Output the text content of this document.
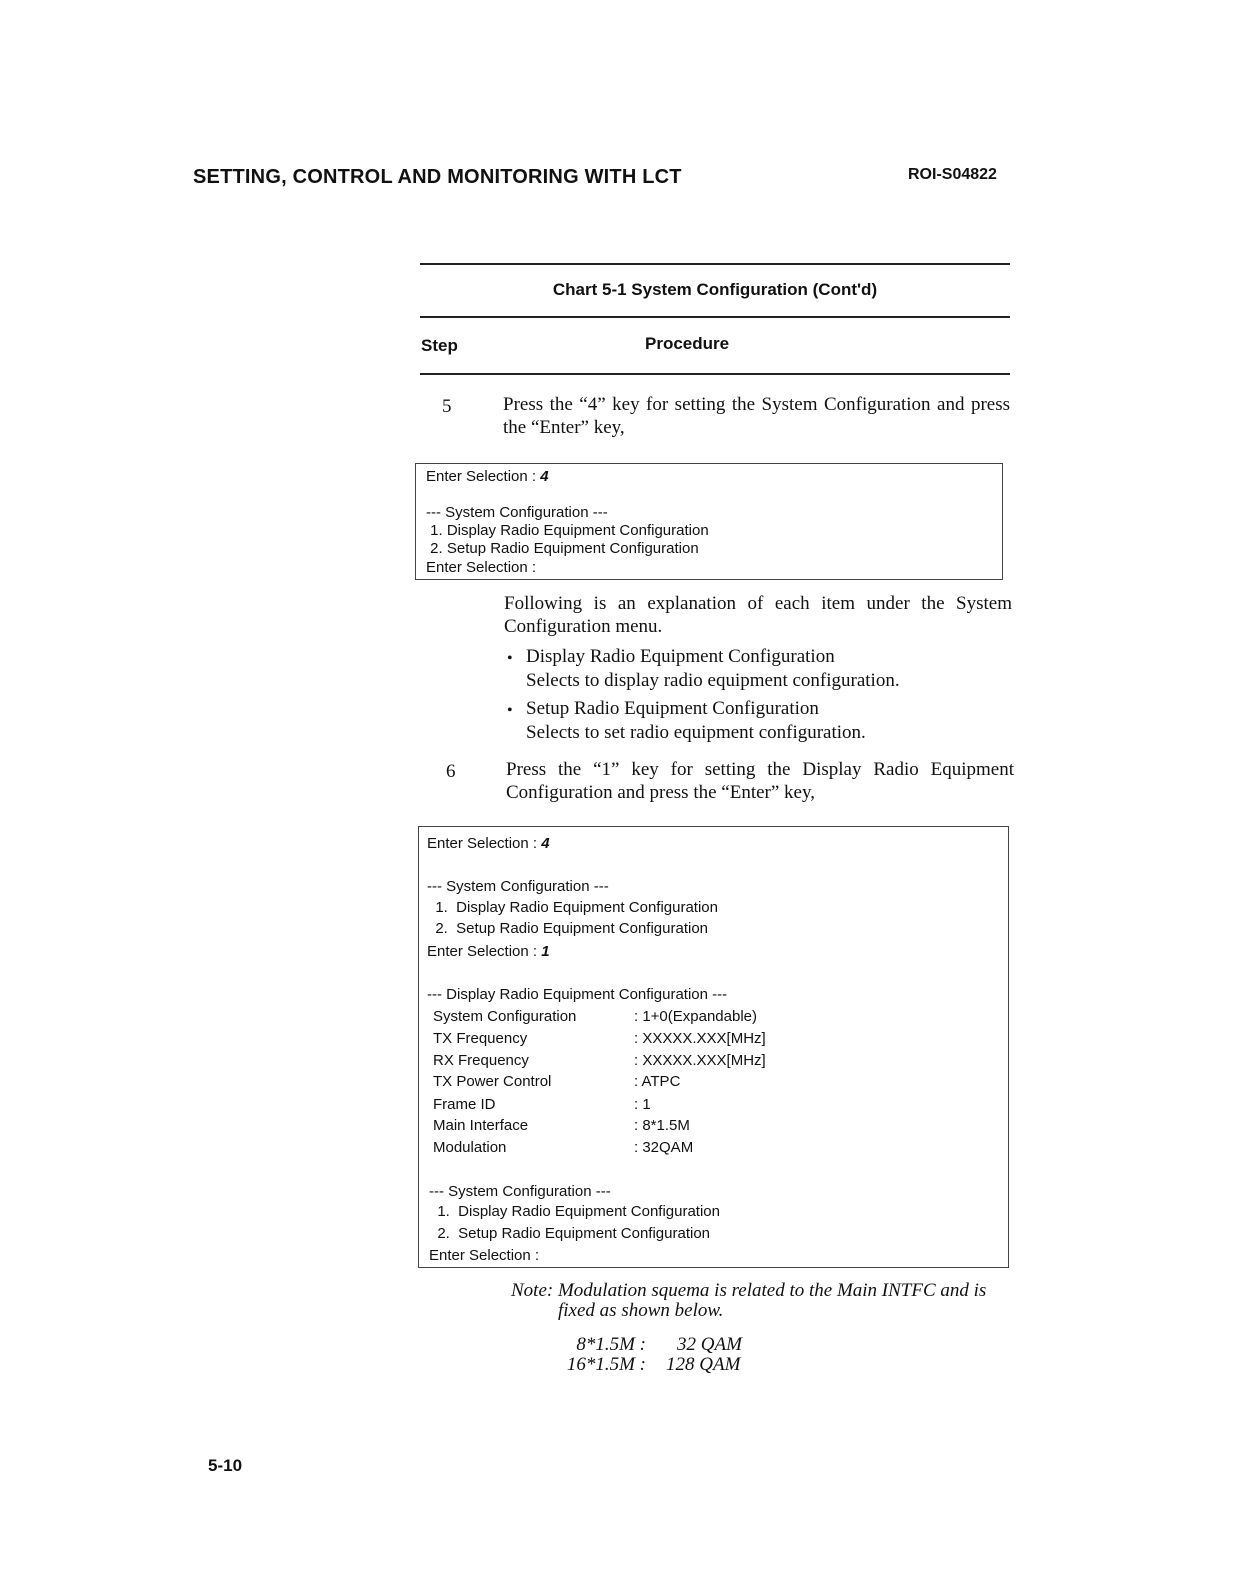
SETTING, CONTROL AND MONITORING WITH LCT	ROI-S04822
Chart 5-1 System Configuration (Cont'd)
Step	Procedure
5	Press the “4” key for setting the System Configuration and press
the “Enter” key,
Enter Selection : 4
--- System Configuration ---
1. Display Radio Equipment Configuration
2. Setup Radio Equipment Configuration
Enter Selection :
Following is an explanation of each item under the System
Configuration menu.
• Display Radio Equipment Configuration
Selects to display radio equipment configuration.
• Setup Radio Equipment Configuration
Selects to set radio equipment configuration.
6	Press the “1” key for setting the Display Radio Equipment
Configuration and press the “Enter” key,
Enter Selection : 4
--- System Configuration ---
1.  Display Radio Equipment Configuration
2.  Setup Radio Equipment Configuration
Enter Selection : 1
--- Display Radio Equipment Configuration ---
System Configuration	: 1+0(Expandable)
TX Frequency	: XXXXX.XXX[MHz]
RX Frequency	: XXXXX.XXX[MHz]
TX Power Control	: ATPC
Frame ID	: 1
Main Interface	: 8*1.5M
Modulation	: 32QAM
--- System Configuration ---
1.  Display Radio Equipment Configuration
2.  Setup Radio Equipment Configuration
Enter Selection :
Note: Modulation squema is related to the Main INTFC and is
fixed as shown below.
8*1.5M : 32 QAM
16*1.5M : 128 QAM
5-10
